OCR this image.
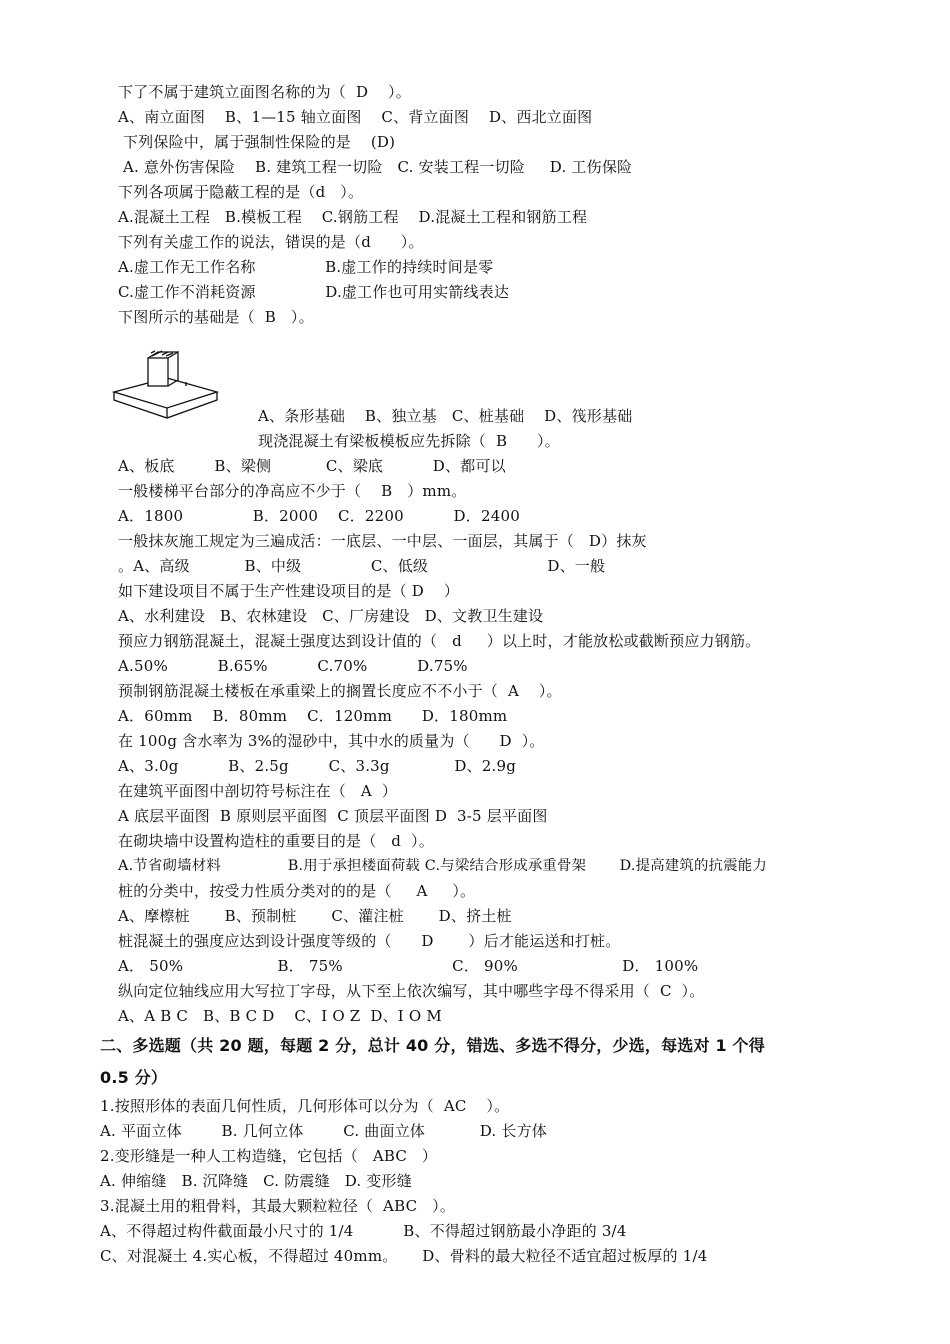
下了不属于建筑立面图名称的为（  D    ）。
A、南立面图    B、1—15 轴立面图    C、背立面图    D、西北立面图
下列保险中，属于强制性保险的是    (D)
A. 意外伤害保险    B. 建筑工程一切险   C. 安装工程一切险     D. 工伤保险
下列各项属于隐蔽工程的是（d   ）。
A.混凝土工程   B.模板工程    C.钢筋工程    D.混凝土工程和钢筋工程
下列有关虚工作的说法，错误的是（d      ）。
A.虚工作无工作名称              B.虚工作的持续时间是零
C.虚工作不消耗资源              D.虚工作也可用实箭线表达
下图所示的基础是（  B   ）。
A、条形基础    B、独立基   C、桩基础    D、筏形基础
现浇混凝土有梁板模板应先拆除（  B      ）。
A、板底        B、梁侧           C、梁底          D、都可以
一般楼梯平台部分的净高应不少于（    B   ）mm。
A．1800              B．2000    C．2200          D．2400
一般抹灰施工规定为三遍成活：一底层、一中层、一面层，其属于（   D）抹灰
。A、高级           B、中级              C、低级                        D、一般
如下建设项目不属于生产性建设项目的是（ D    ）
A、水利建设   B、农林建设   C、厂房建设   D、文教卫生建设
预应力钢筋混凝土，混凝土强度达到设计值的（   d     ）以上时，才能放松或截断预应力钢筋。
A.50%          B.65%          C.70%          D.75%
预制钢筋混凝土楼板在承重梁上的搁置长度应不不小于（  A    ）。
A．60mm    B．80mm    C．120mm      D．180mm
在 100g 含水率为 3%的湿砂中，其中水的质量为（      D  ）。
A、3.0g          B、2.5g        C、3.3g             D、2.9g
在建筑平面图中剖切符号标注在（   A  ）
A 底层平面图  B 原则层平面图  C 顶层平面图 D  3-5 层平面图
在砌块墙中设置构造柱的重要目的是（   d  ）。
A.节省砌墙材料              B.用于承担楼面荷载 C.与梁结合形成承重骨架       D.提高建筑的抗震能力
桩的分类中，按受力性质分类对的的是（     A     ）。
A、摩檫桩       B、预制桩       C、灌注桩       D、挤土桩
桩混凝土的强度应达到设计强度等级的（      D       ）后才能运送和打桩。
A． 50%                   B． 75%                      C． 90%                     D． 100%
纵向定位轴线应用大写拉丁字母，从下至上依次编写，其中哪些字母不得采用（  C  ）。
A、A B C   B、B C D    C、I O Z  D、I O M
二、多选题（共 20 题，每题 2 分，总计 40 分，错选、多选不得分，少选，每选对 1 个得
0.5 分）
1.按照形体的表面几何性质，几何形体可以分为（  AC    ）。
A. 平面立体        B. 几何立体        C. 曲面立体           D. 长方体
2.变形缝是一种人工构造缝，它包括（   ABC   ）
A. 伸缩缝   B. 沉降缝   C. 防震缝   D. 变形缝
3.混凝土用的粗骨料，其最大颗粒粒径（  ABC   ）。
A、不得超过构件截面最小尺寸的 1/4          B、不得超过钢筋最小净距的 3/4
C、对混凝土 4.实心板，不得超过 40mm。     D、骨料的最大粒径不适宜超过板厚的 1/4
